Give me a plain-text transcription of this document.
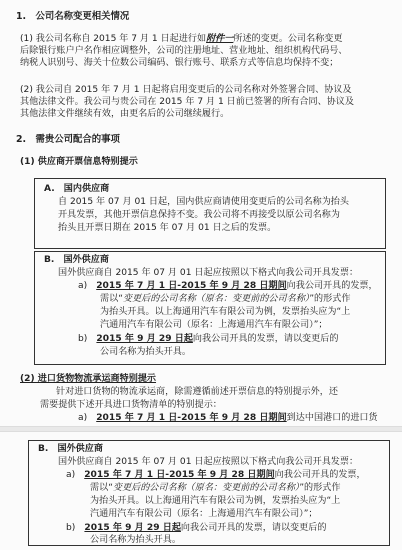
1.　公司名称变更相关情况
(1) 我公司名称自 2015 年 7 月 1 日起进行如附件一所述的变更。公司名称变更
后除银行账户户名作相应调整外，公司的注册地址、营业地址、组织机构代码号、
纳税人识别号、海关十位数公司编码、银行账号、联系方式等信息均保持不变；
(2) 我公司自 2015 年 7 月 1 日起将启用变更后的公司名称对外签署合同、协议及
其他法律文件。我公司与贵公司在 2015 年 7 月 1 日前已签署的所有合同、协议及
其他法律文件继续有效，由更名后的公司继续履行。
2.　需贵公司配合的事项
(1) 供应商开票信息特别提示
A.　国内供应商
自 2015 年 07 月 01 日起，国内供应商请使用变更后的公司名称为抬头
开具发票，其他开票信息保持不变。我公司将不再接受以原公司名称为
抬头且开票日期在 2015 年 07 月 01 日之后的发票。
B.　国外供应商
国外供应商自 2015 年 07 月 01 日起应按照以下格式向我公司开具发票：
a)　2015 年 7 月 1 日-2015 年 9 月 28 日期间向我公司开具的发票，
需以“变更后的公司名称（原名：变更前的公司名称）”的形式作
为抬头开具。以上海通用汽车有限公司为例，发票抬头应为“上
汽通用汽车有限公司（原名：上海通用汽车有限公司）”；
b)　2015 年 9 月 29 日起向我公司开具的发票，请以变更后的
公司名称为抬头开具。
(2) 进口货物物流承运商特别提示
针对进口货物的物流承运商，除需遵循前述开票信息的特别提示外，还
需要提供下述开具进口货物清单的特别提示：
a)　2015 年 7 月 1 日-2015 年 9 月 28 日期间到达中国港口的进口货
B.　国外供应商
国外供应商自 2015 年 07 月 01 日起应按照以下格式向我公司开具发票：
a)　2015 年 7 月 1 日-2015 年 9 月 28 日期间向我公司开具的发票，
需以“变更后的公司名称（原名：变更前的公司名称）”的形式作
为抬头开具。以上海通用汽车有限公司为例，发票抬头应为“上
汽通用汽车有限公司（原名：上海通用汽车有限公司）”；
b)　2015 年 9 月 29 日起向我公司开具的发票，请以变更后的
公司名称为抬头开具。
